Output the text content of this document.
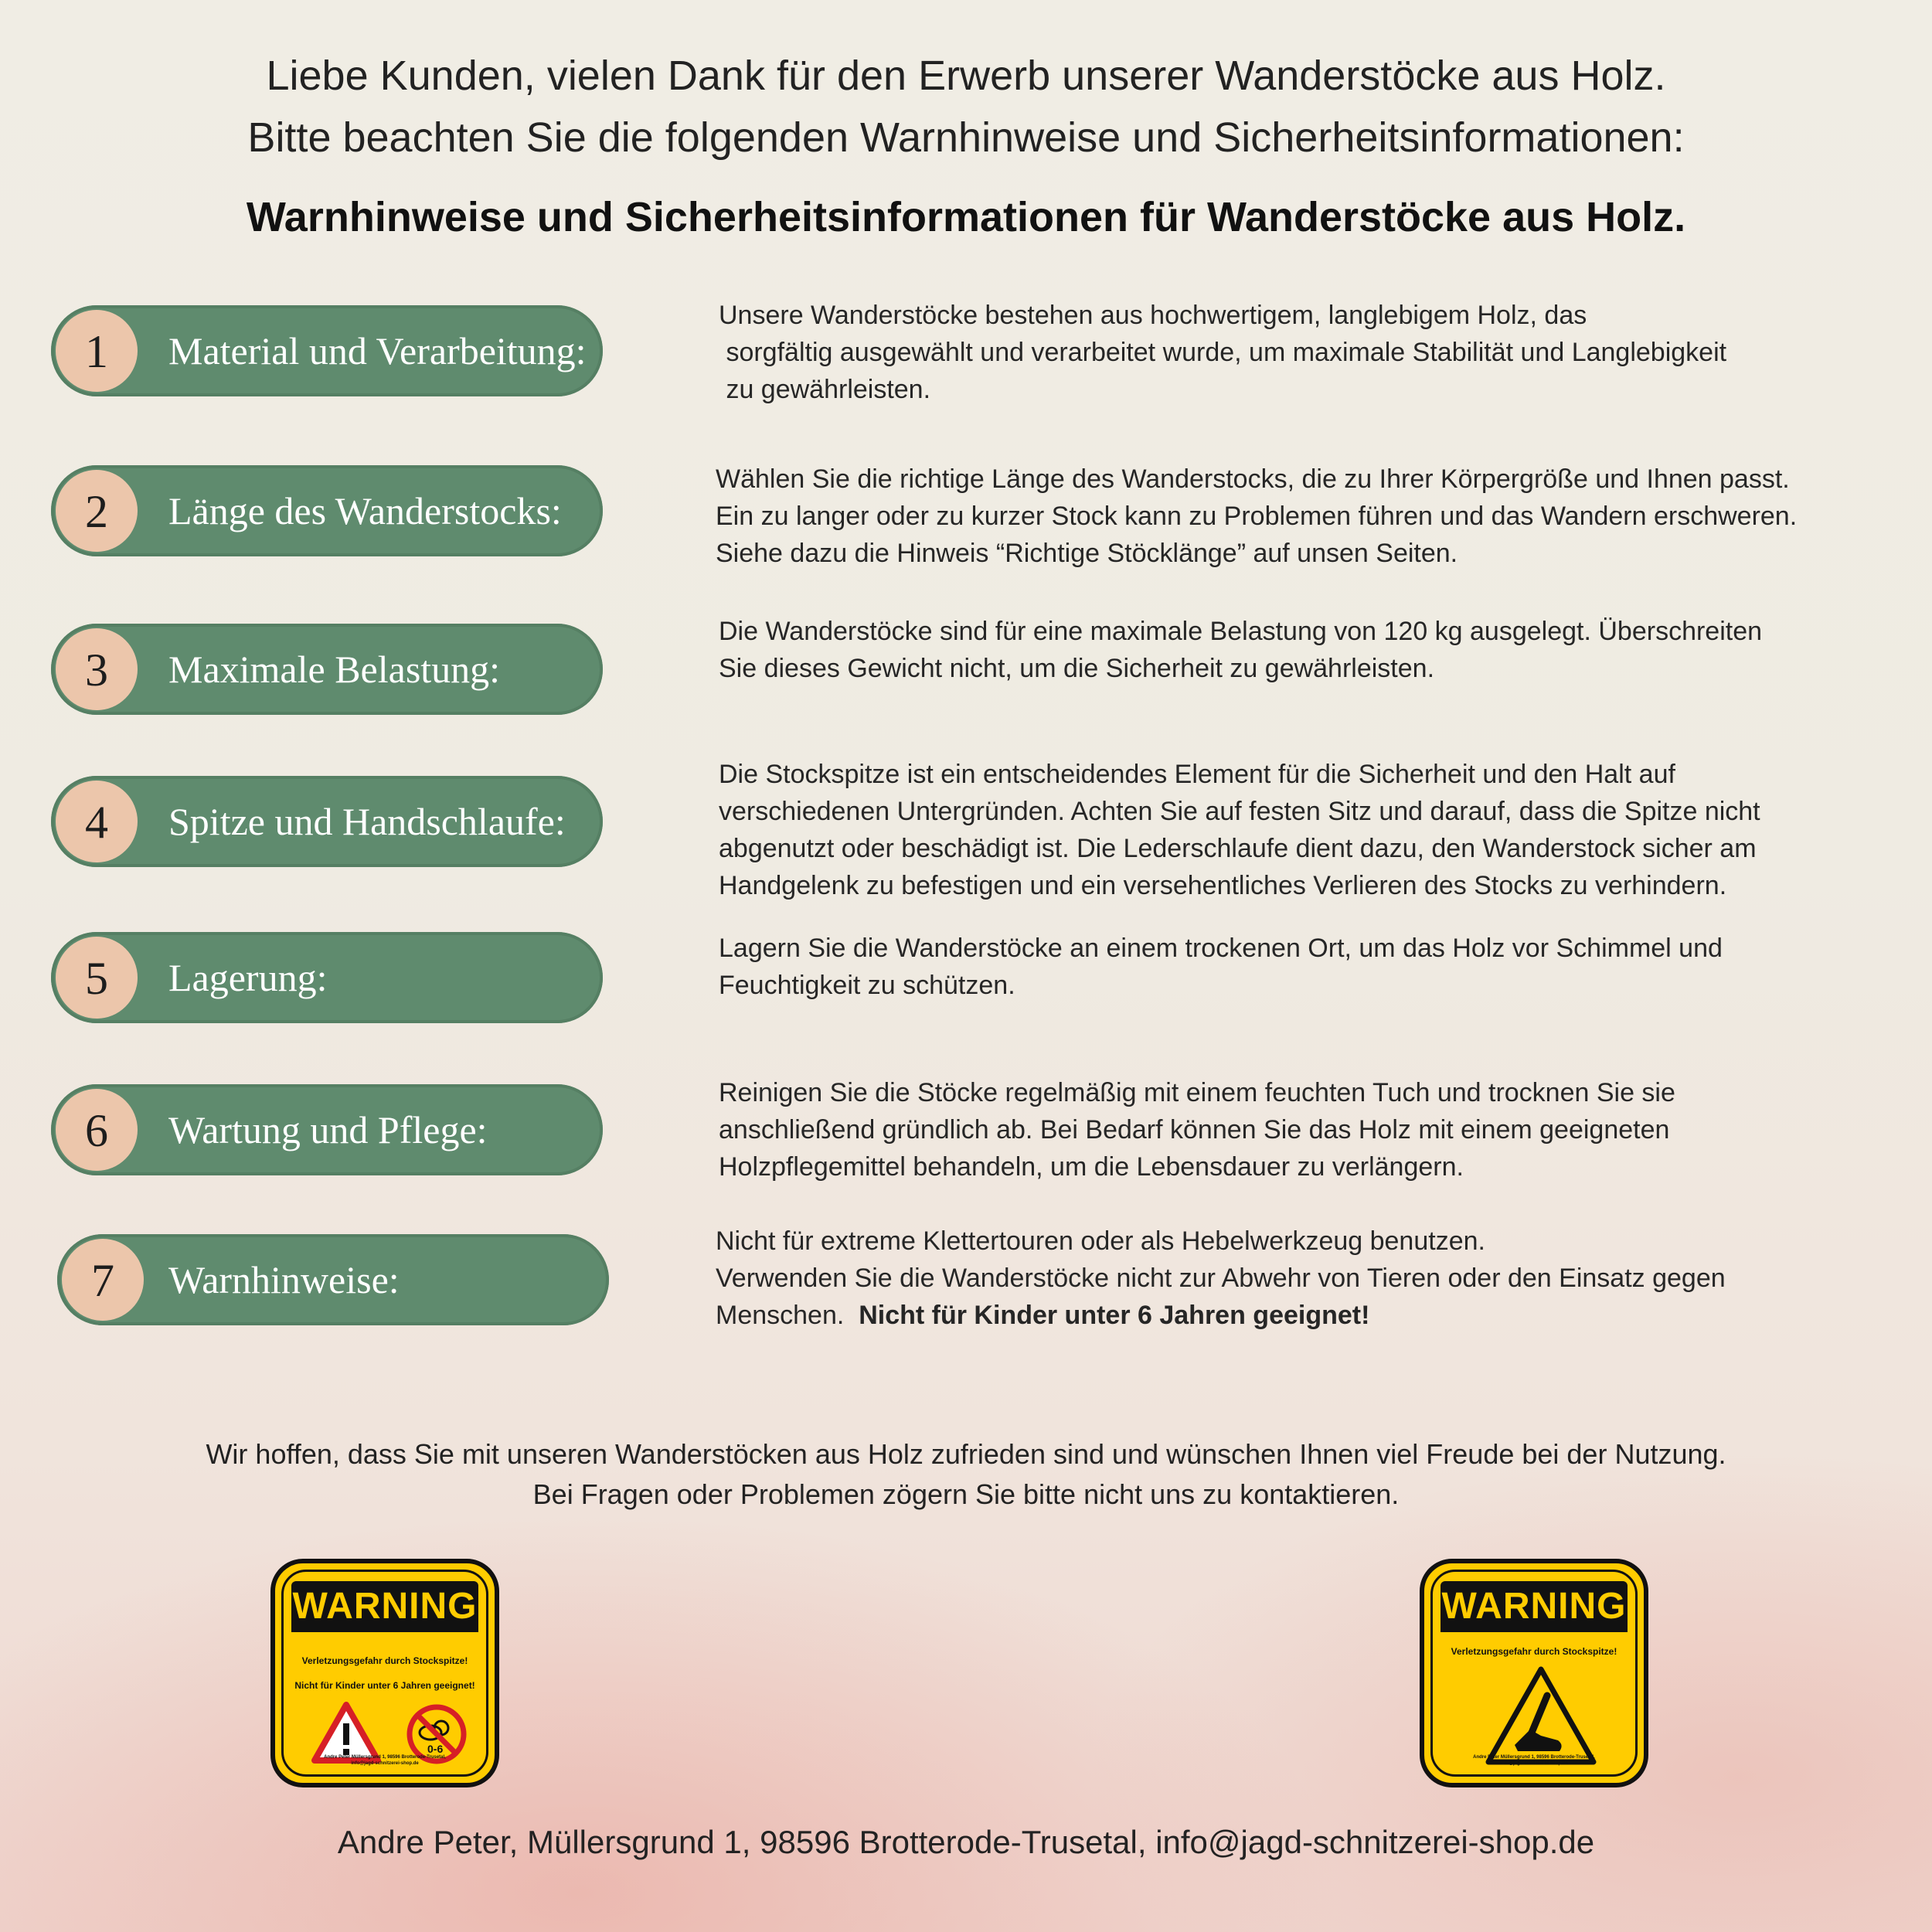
Liebe Kunden, vielen Dank für den Erwerb unserer Wanderstöcke aus Holz.
Bitte beachten Sie die folgenden Warnhinweise und Sicherheitsinformationen:
Warnhinweise und Sicherheitsinformationen für Wanderstöcke aus Holz.
1	Material und Verarbeitung:

Unsere Wanderstöcke bestehen aus hochwertigem, langlebigem Holz, das

sorgfältig ausgewählt und verarbeitet wurde, um maximale Stabilität und Langlebigkeit

zu gewährleisten.

2	Länge des Wanderstocks:

Wählen Sie die richtige Länge des Wanderstocks, die zu Ihrer Körpergröße und Ihnen passt.

Ein zu langer oder zu kurzer Stock kann zu Problemen führen und das Wandern erschweren.

Siehe dazu die Hinweis “Richtige Stöcklänge” auf unsen Seiten.

3	Maximale Belastung:

Die Wanderstöcke sind für eine maximale Belastung von 120 kg ausgelegt. Überschreiten

Sie dieses Gewicht nicht, um die Sicherheit zu gewährleisten.

4	Spitze und Handschlaufe:

Die Stockspitze ist ein entscheidendes Element für die Sicherheit und den Halt auf

verschiedenen Untergründen. Achten Sie auf festen Sitz und darauf, dass die Spitze nicht

abgenutzt oder beschädigt ist. Die Lederschlaufe dient dazu, den Wanderstock sicher am

Handgelenk zu befestigen und ein versehentliches Verlieren des Stocks zu verhindern.

5	Lagerung:

Lagern Sie die Wanderstöcke an einem trockenen Ort, um das Holz vor Schimmel und

Feuchtigkeit zu schützen.

6	Wartung und Pflege:

Reinigen Sie die Stöcke regelmäßig mit einem feuchten Tuch und trocknen Sie sie

anschließend gründlich ab. Bei Bedarf können Sie das Holz mit einem geeigneten

Holzpflegemittel behandeln, um die Lebensdauer zu verlängern.

7	Warnhinweise:

Nicht für extreme Klettertouren oder als Hebelwerkzeug benutzen.

Verwenden Sie die Wanderstöcke nicht zur Abwehr von Tieren oder den Einsatz gegen

Menschen.  Nicht für Kinder unter 6 Jahren geeignet!

Wir hoffen, dass Sie mit unseren Wanderstöcken aus Holz zufrieden sind und wünschen Ihnen viel Freude bei der Nutzung.
Bei Fragen oder Problemen zögern Sie bitte nicht uns zu kontaktieren.
WARNING
Verletzungsgefahr durch Stockspitze!
Nicht für Kinder unter 6 Jahren geeignet!
0-6
Andre Peter Müllersgrund 1, 98596 Brotterode-Trusetal,
info@jagd-schnitzerei-shop.de
WARNING
Verletzungsgefahr durch Stockspitze!
Andre Peter Müllersgrund 1, 98596 Brotterode-Trusetal,
info@jagd-schnitzerei-shop.de
Andre Peter, Müllersgrund 1, 98596 Brotterode-Trusetal, info@jagd-schnitzerei-shop.de
